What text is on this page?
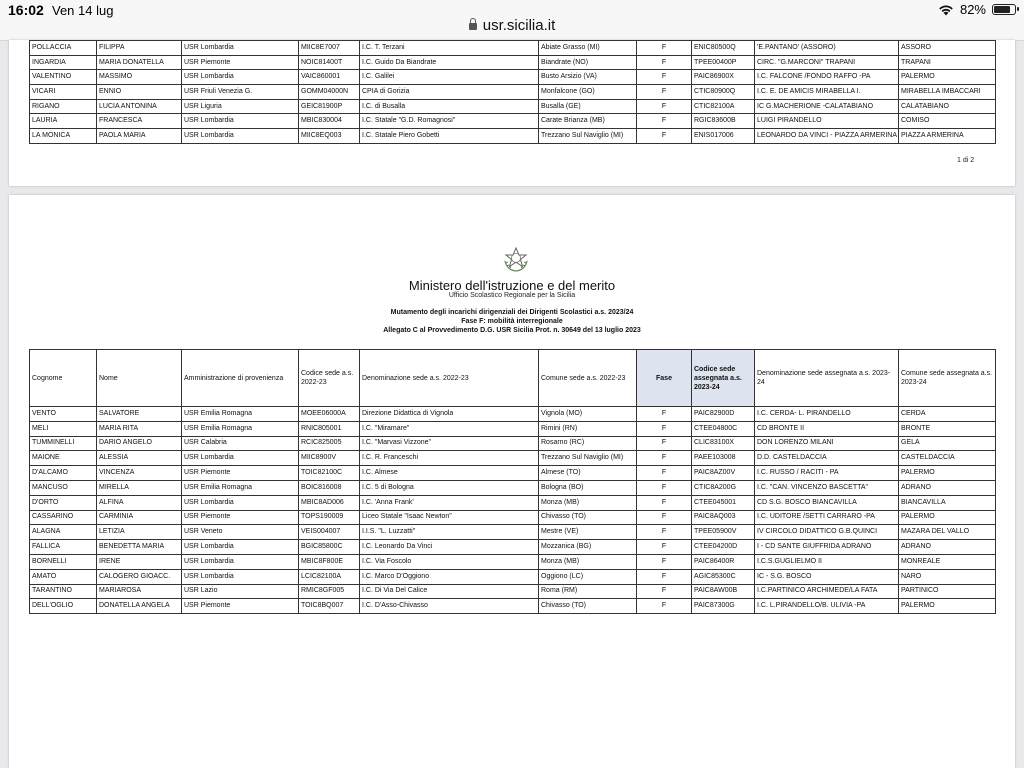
16:02 Ven 14 lug	82%
usr.sicilia.it
POLLACCIA	FILIPPA	USR Lombardia	MIIC8E7007	I.C. T. Terzani	Abiate Grasso (MI)	F	ENIC80500Q	'E.PANTANO' (ASSORO)	ASSORO
INGARDIA	MARIA DONATELLA	USR Piemonte	NOIC81400T	I.C. Guido Da Biandrate	Biandrate (NO)	F	TPEE00400P	CIRC. "G.MARCONI" TRAPANI	TRAPANI
VALENTINO	MASSIMO	USR Lombardia	VAIC860001	I.C. Galilei	Busto Arsizio (VA)	F	PAIC86900X	I.C. FALCONE /FONDO RAFFO -PA	PALERMO
VICARI	ENNIO	USR Friuli Venezia G.	GOMM04000N	CPIA di Gorizia	Monfalcone (GO)	F	CTIC80900Q	I.C. E. DE AMICIS MIRABELLA I.	MIRABELLA IMBACCARI
RIGANO	LUCIA ANTONINA	USR Liguria	GEIC81900P	I.C. di Busalla	Busalla (GE)	F	CTIC82100A	IC G.MACHERIONE -CALATABIANO	CALATABIANO
LAURIA	FRANCESCA	USR Lombardia	MBIC830004	I.C. Statale "G.D. Romagnosi"	Carate Brianza (MB)	F	RGIC83600B	LUIGI PIRANDELLO	COMISO
LA MONICA	PAOLA MARIA	USR Lombardia	MIIC8EQ003	I.C. Statale Piero Gobetti	Trezzano Sul Naviglio (MI)	F	ENIS017006	LEONARDO DA VINCI - PIAZZA ARMERINA	PIAZZA ARMERINA
1 di 2
Ministero dell'istruzione e del merito
Ufficio Scolastico Regionale per la Sicilia
Mutamento degli incarichi dirigenziali dei Dirigenti Scolastici a.s. 2023/24
Fase F: mobilità interregionale
Allegato C al Provvedimento D.G. USR Sicilia Prot. n. 30649 del 13 luglio 2023
Cognome	Nome	Amministrazione di provenienza	Codice sede a.s. 2022-23	Denominazione sede a.s. 2022-23	Comune sede a.s. 2022-23	Fase	Codice sede assegnata a.s. 2023-24	Denominazione sede assegnata a.s. 2023-24	Comune sede assegnata a.s. 2023-24
VENTO	SALVATORE	USR Emilia Romagna	MOEE06000A	Direzione Didattica di Vignola	Vignola (MO)	F	PAIC82900D	I.C. CERDA- L. PIRANDELLO	CERDA
MELI	MARIA RITA	USR Emilia Romagna	RNIC805001	I.C. "Miramare"	Rimini (RN)	F	CTEE04800C	CD BRONTE II	BRONTE
TUMMINELLI	DARIO ANGELO	USR Calabria	RCIC825005	I.C. "Marvasi Vizzone"	Rosarno (RC)	F	CLIC83100X	DON LORENZO MILANI	GELA
MAIONE	ALESSIA	USR Lombardia	MIIC8900V	I.C. R. Franceschi	Trezzano Sul Naviglio (MI)	F	PAEE103008	D.D. CASTELDACCIA	CASTELDACCIA
D'ALCAMO	VINCENZA	USR Piemonte	TOIC82100C	I.C. Almese	Almese (TO)	F	PAIC8AZ00V	I.C. RUSSO / RACITI - PA	PALERMO
MANCUSO	MIRELLA	USR Emilia Romagna	BOIC816008	I.C. 5 di Bologna	Bologna (BO)	F	CTIC8A200G	I.C. "CAN. VINCENZO BASCETTA"	ADRANO
D'ORTO	ALFINA	USR Lombardia	MBIC8AD006	I.C. 'Anna Frank'	Monza (MB)	F	CTEE045001	CD S.G. BOSCO BIANCAVILLA	BIANCAVILLA
CASSARINO	CARMINIA	USR Piemonte	TOPS190009	Liceo Statale "Isaac Newton"	Chivasso (TO)	F	PAIC8AQ003	I.C. UDITORE /SETTI CARRARO -PA	PALERMO
ALAGNA	LETIZIA	USR Veneto	VEIS004007	I.I.S. "L. Luzzatti"	Mestre (VE)	F	TPEE05900V	IV CIRCOLO DIDATTICO G.B.QUINCI	MAZARA DEL VALLO
FALLICA	BENEDETTA MARIA	USR Lombardia	BGIC85800C	I.C. Leonardo Da Vinci	Mozzanica (BG)	F	CTEE04200D	I - CD SANTE GIUFFRIDA ADRANO	ADRANO
BORNELLI	IRENE	USR Lombardia	MBIC8F800E	I.C. Via Foscolo	Monza (MB)	F	PAIC86400R	I.C.S.GUGLIELMO II	MONREALE
AMATO	CALOGERO GIOACC.	USR Lombardia	LCIC82100A	I.C. Marco D'Oggiono	Oggiono (LC)	F	AGIC85300C	IC - S.G. BOSCO	NARO
TARANTINO	MARIAROSA	USR Lazio	RMIC8GF005	I.C. Di Via Del Calice	Roma (RM)	F	PAIC8AW00B	I.C.PARTINICO ARCHIMEDE/LA FATA	PARTINICO
DELL'OGLIO	DONATELLA ANGELA	USR Piemonte	TOIC8BQ007	I.C. D'Asso-Chivasso	Chivasso (TO)	F	PAIC87300G	I.C. L.PIRANDELLO/B. ULIVIA -PA	PALERMO
